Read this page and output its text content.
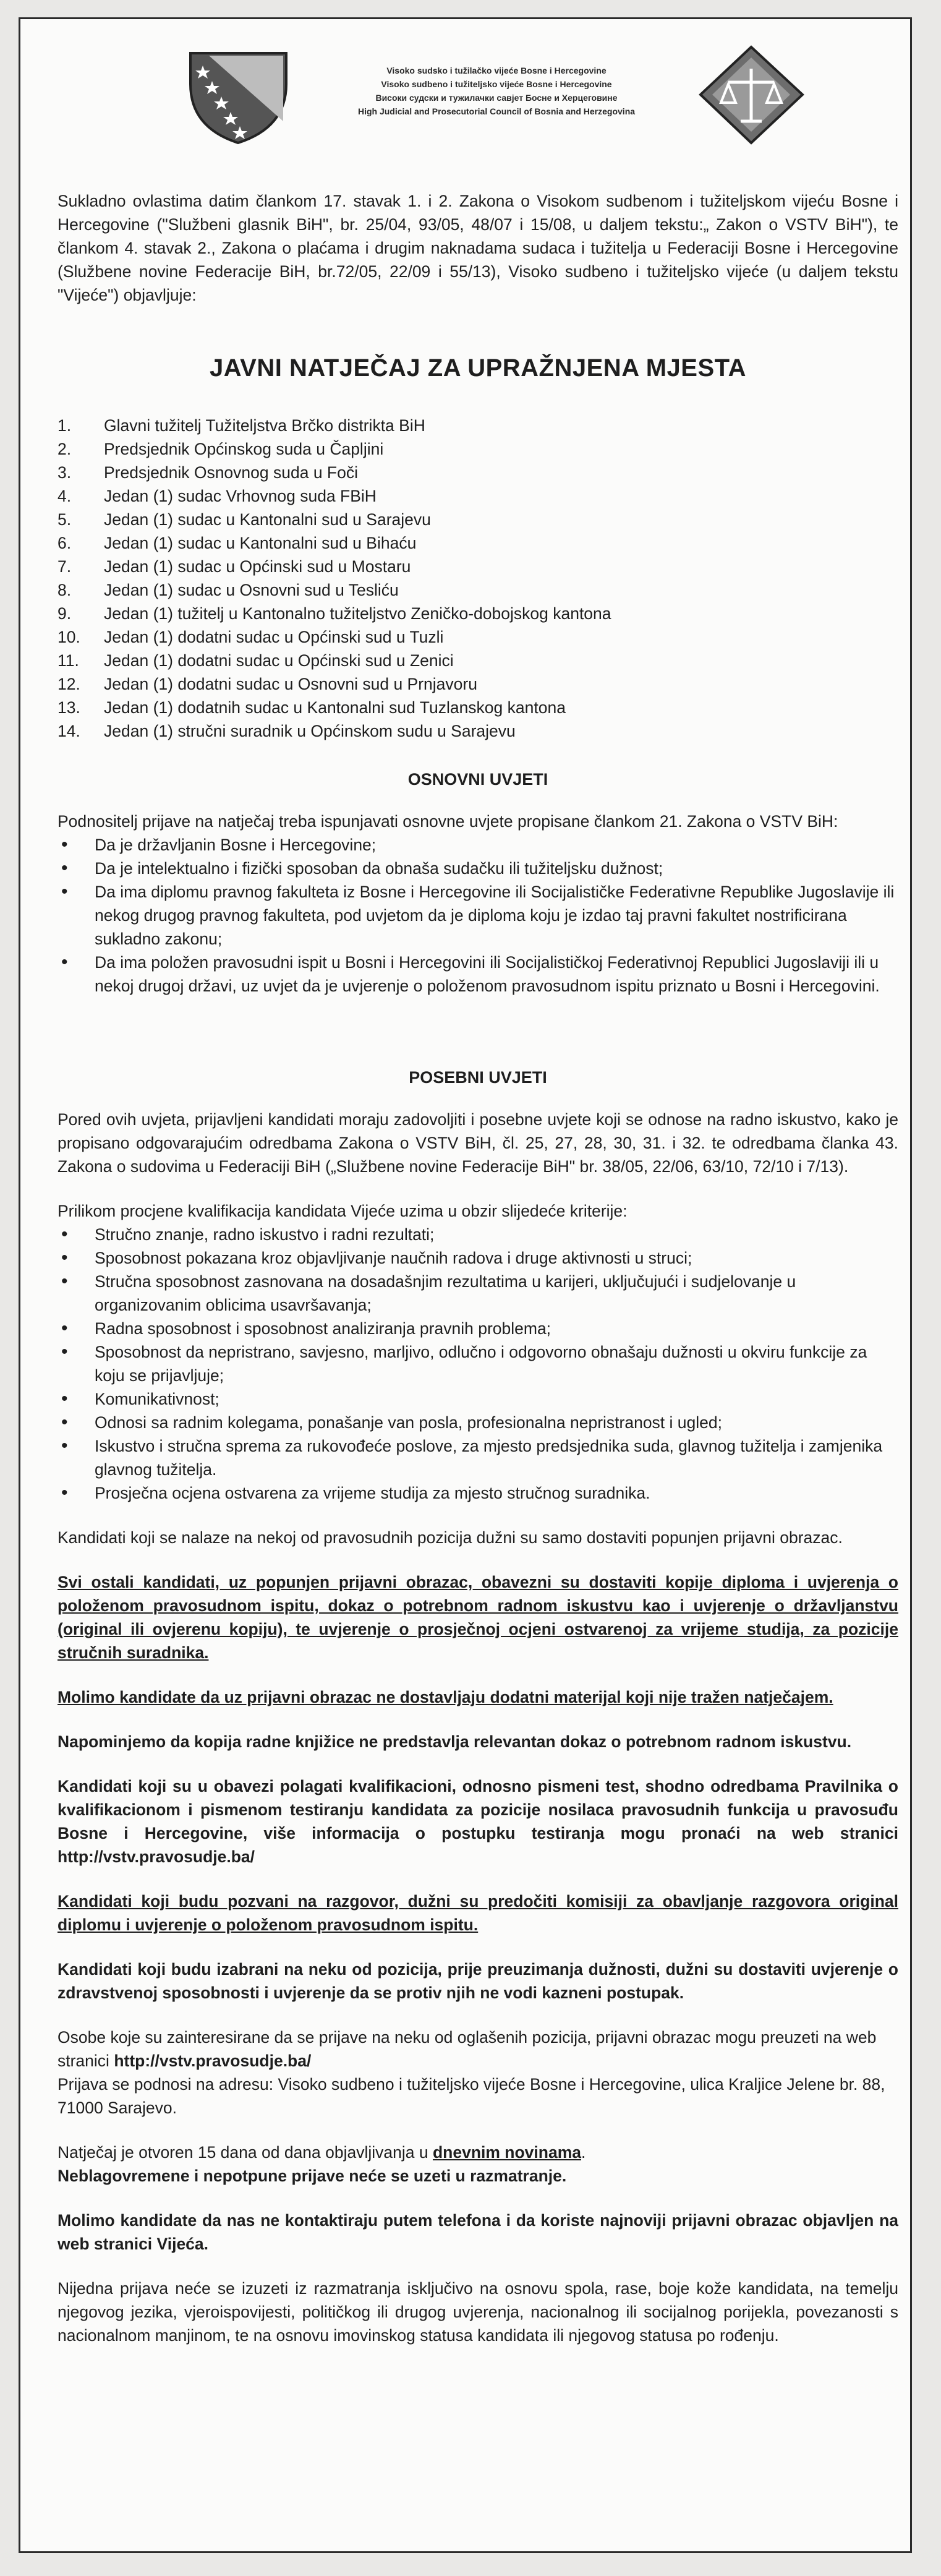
Visoko sudsko i tužilačko vijeće Bosne i Hercegovine
Visoko sudbeno i tužiteljsko vijeće Bosne i Hercegovine
Високи судски и тужилачки савјет Босне и Херцеговине
High Judicial and Prosecutorial Council of Bosnia and Herzegovina

Sukladno ovlastima datim člankom 17. stavak 1. i 2. Zakona o Visokom sudbenom i tužiteljskom vijeću Bosne i Hercegovine ("Službeni glasnik BiH", br. 25/04, 93/05, 48/07 i 15/08, u daljem tekstu:„ Zakon o VSTV BiH"), te člankom 4. stavak 2., Zakona o plaćama i drugim naknadama sudaca i tužitelja u Federaciji Bosne i Hercegovine (Službene novine Federacije BiH, br.72/05, 22/09 i 55/13), Visoko sudbeno i tužiteljsko vijeće (u daljem tekstu "Vijeće") objavljuje:

JAVNI NATJEČAJ ZA UPRAŽNJENA MJESTA
1. Glavni tužitelj Tužiteljstva Brčko distrikta BiH
2. Predsjednik Općinskog suda u Čapljini
3. Predsjednik Osnovnog suda u Foči
4. Jedan (1) sudac Vrhovnog suda FBiH
5. Jedan (1) sudac u Kantonalni sud u Sarajevu
6. Jedan (1) sudac u Kantonalni sud u Bihaću
7. Jedan (1) sudac u Općinski sud u Mostaru
8. Jedan (1) sudac u Osnovni sud u Tesliću
9. Jedan (1) tužitelj u Kantonalno tužiteljstvo Zeničko-dobojskog kantona
10. Jedan (1) dodatni sudac u Općinski sud u Tuzli
11. Jedan (1) dodatni sudac u Općinski sud u Zenici
12. Jedan (1) dodatni sudac u Osnovni sud u Prnjavoru
13. Jedan (1) dodatnih sudac u Kantonalni sud Tuzlanskog kantona
14. Jedan (1) stručni suradnik u Općinskom sudu u Sarajevu
OSNOVNI UVJETI

Podnositelj prijave na natječaj treba ispunjavati osnovne uvjete propisane člankom 21. Zakona o VSTV BiH:

• Da je državljanin Bosne i Hercegovine;
• Da je intelektualno i fizički sposoban da obnaša sudačku ili tužiteljsku dužnost;
• Da ima diplomu pravnog fakulteta iz Bosne i Hercegovine ili Socijalističke Federativne Republike Jugoslavije ili nekog drugog pravnog fakulteta, pod uvjetom da je diploma koju je izdao taj pravni fakultet nostrificirana sukladno zakonu;
• Da ima položen pravosudni ispit u Bosni i Hercegovini ili Socijalističkoj Federativnoj Republici Jugoslaviji ili u nekoj drugoj državi, uz uvjet da je uvjerenje o položenom pravosudnom ispitu priznato u Bosni i Hercegovini.
POSEBNI UVJETI

Pored ovih uvjeta, prijavljeni kandidati moraju zadovoljiti i posebne uvjete koji se odnose na radno iskustvo, kako je propisano odgovarajućim odredbama Zakona o VSTV BiH, čl. 25, 27, 28, 30, 31. i 32. te odredbama članka 43. Zakona o sudovima u Federaciji BiH („Službene novine Federacije BiH" br. 38/05, 22/06, 63/10, 72/10 i 7/13).

Prilikom procjene kvalifikacija kandidata Vijeće uzima u obzir slijedeće kriterije:

• Stručno znanje, radno iskustvo i radni rezultati;
• Sposobnost pokazana kroz objavljivanje naučnih radova i druge aktivnosti u struci;
• Stručna sposobnost zasnovana na dosadašnjim rezultatima u karijeri, uključujući i sudjelovanje u organizovanim oblicima usavršavanja;
• Radna sposobnost i sposobnost analiziranja pravnih problema;
• Sposobnost da nepristrano, savjesno, marljivo, odlučno i odgovorno obnašaju dužnosti u okviru funkcije za koju se prijavljuje;
• Komunikativnost;
• Odnosi sa radnim kolegama, ponašanje van posla, profesionalna nepristranost i ugled;
• Iskustvo i stručna sprema za rukovođeće poslove, za mjesto predsjednika suda, glavnog tužitelja i zamjenika glavnog tužitelja.
• Prosječna ocjena ostvarena za vrijeme studija za mjesto stručnog suradnika.

Kandidati koji se nalaze na nekoj od pravosudnih pozicija dužni su samo dostaviti popunjen prijavni obrazac.

Svi ostali kandidati, uz popunjen prijavni obrazac, obavezni su dostaviti kopije diploma i uvjerenja o položenom pravosudnom ispitu, dokaz o potrebnom radnom iskustvu kao i uvjerenje o državljanstvu (original ili ovjerenu kopiju), te uvjerenje o prosječnoj ocjeni ostvarenoj za vrijeme studija, za pozicije stručnih suradnika.

Molimo kandidate da uz prijavni obrazac ne dostavljaju dodatni materijal koji nije tražen natječajem.

Napominjemo da kopija radne knjižice ne predstavlja relevantan dokaz o potrebnom radnom iskustvu.

Kandidati koji su u obavezi polagati kvalifikacioni, odnosno pismeni test, shodno odredbama Pravilnika o kvalifikacionom i pismenom testiranju kandidata za pozicije nosilaca pravosudnih funkcija u pravosuđu Bosne i Hercegovine, više informacija o postupku testiranja mogu pronaći na web stranici http://vstv.pravosudje.ba/

Kandidati koji budu pozvani na razgovor, dužni su predočiti komisiji za obavljanje razgovora original diplomu i uvjerenje o položenom pravosudnom ispitu.

Kandidati koji budu izabrani na neku od pozicija, prije preuzimanja dužnosti, dužni su dostaviti uvjerenje o zdravstvenoj sposobnosti i uvjerenje da se protiv njih ne vodi kazneni postupak.

Osobe koje su zainteresirane da se prijave na neku od oglašenih pozicija, prijavni obrazac mogu preuzeti na web stranici http://vstv.pravosudje.ba/
Prijava se podnosi na adresu: Visoko sudbeno i tužiteljsko vijeće Bosne i Hercegovine, ulica Kraljice Jelene br. 88, 71000 Sarajevo.

Natječaj je otvoren 15 dana od dana objavljivanja u dnevnim novinama.
Neblagovremene i nepotpune prijave neće se uzeti u razmatranje.

Molimo kandidate da nas ne kontaktiraju putem telefona i da koriste najnoviji prijavni obrazac objavljen na web stranici Vijeća.

Nijedna prijava neće se izuzeti iz razmatranja isključivo na osnovu spola, rase, boje kože kandidata, na temelju njegovog jezika, vjeroispovijesti, političkog ili drugog uvjerenja, nacionalnog ili socijalnog porijekla, povezanosti s nacionalnom manjinom, te na osnovu imovinskog statusa kandidata ili njegovog statusa po rođenju.
